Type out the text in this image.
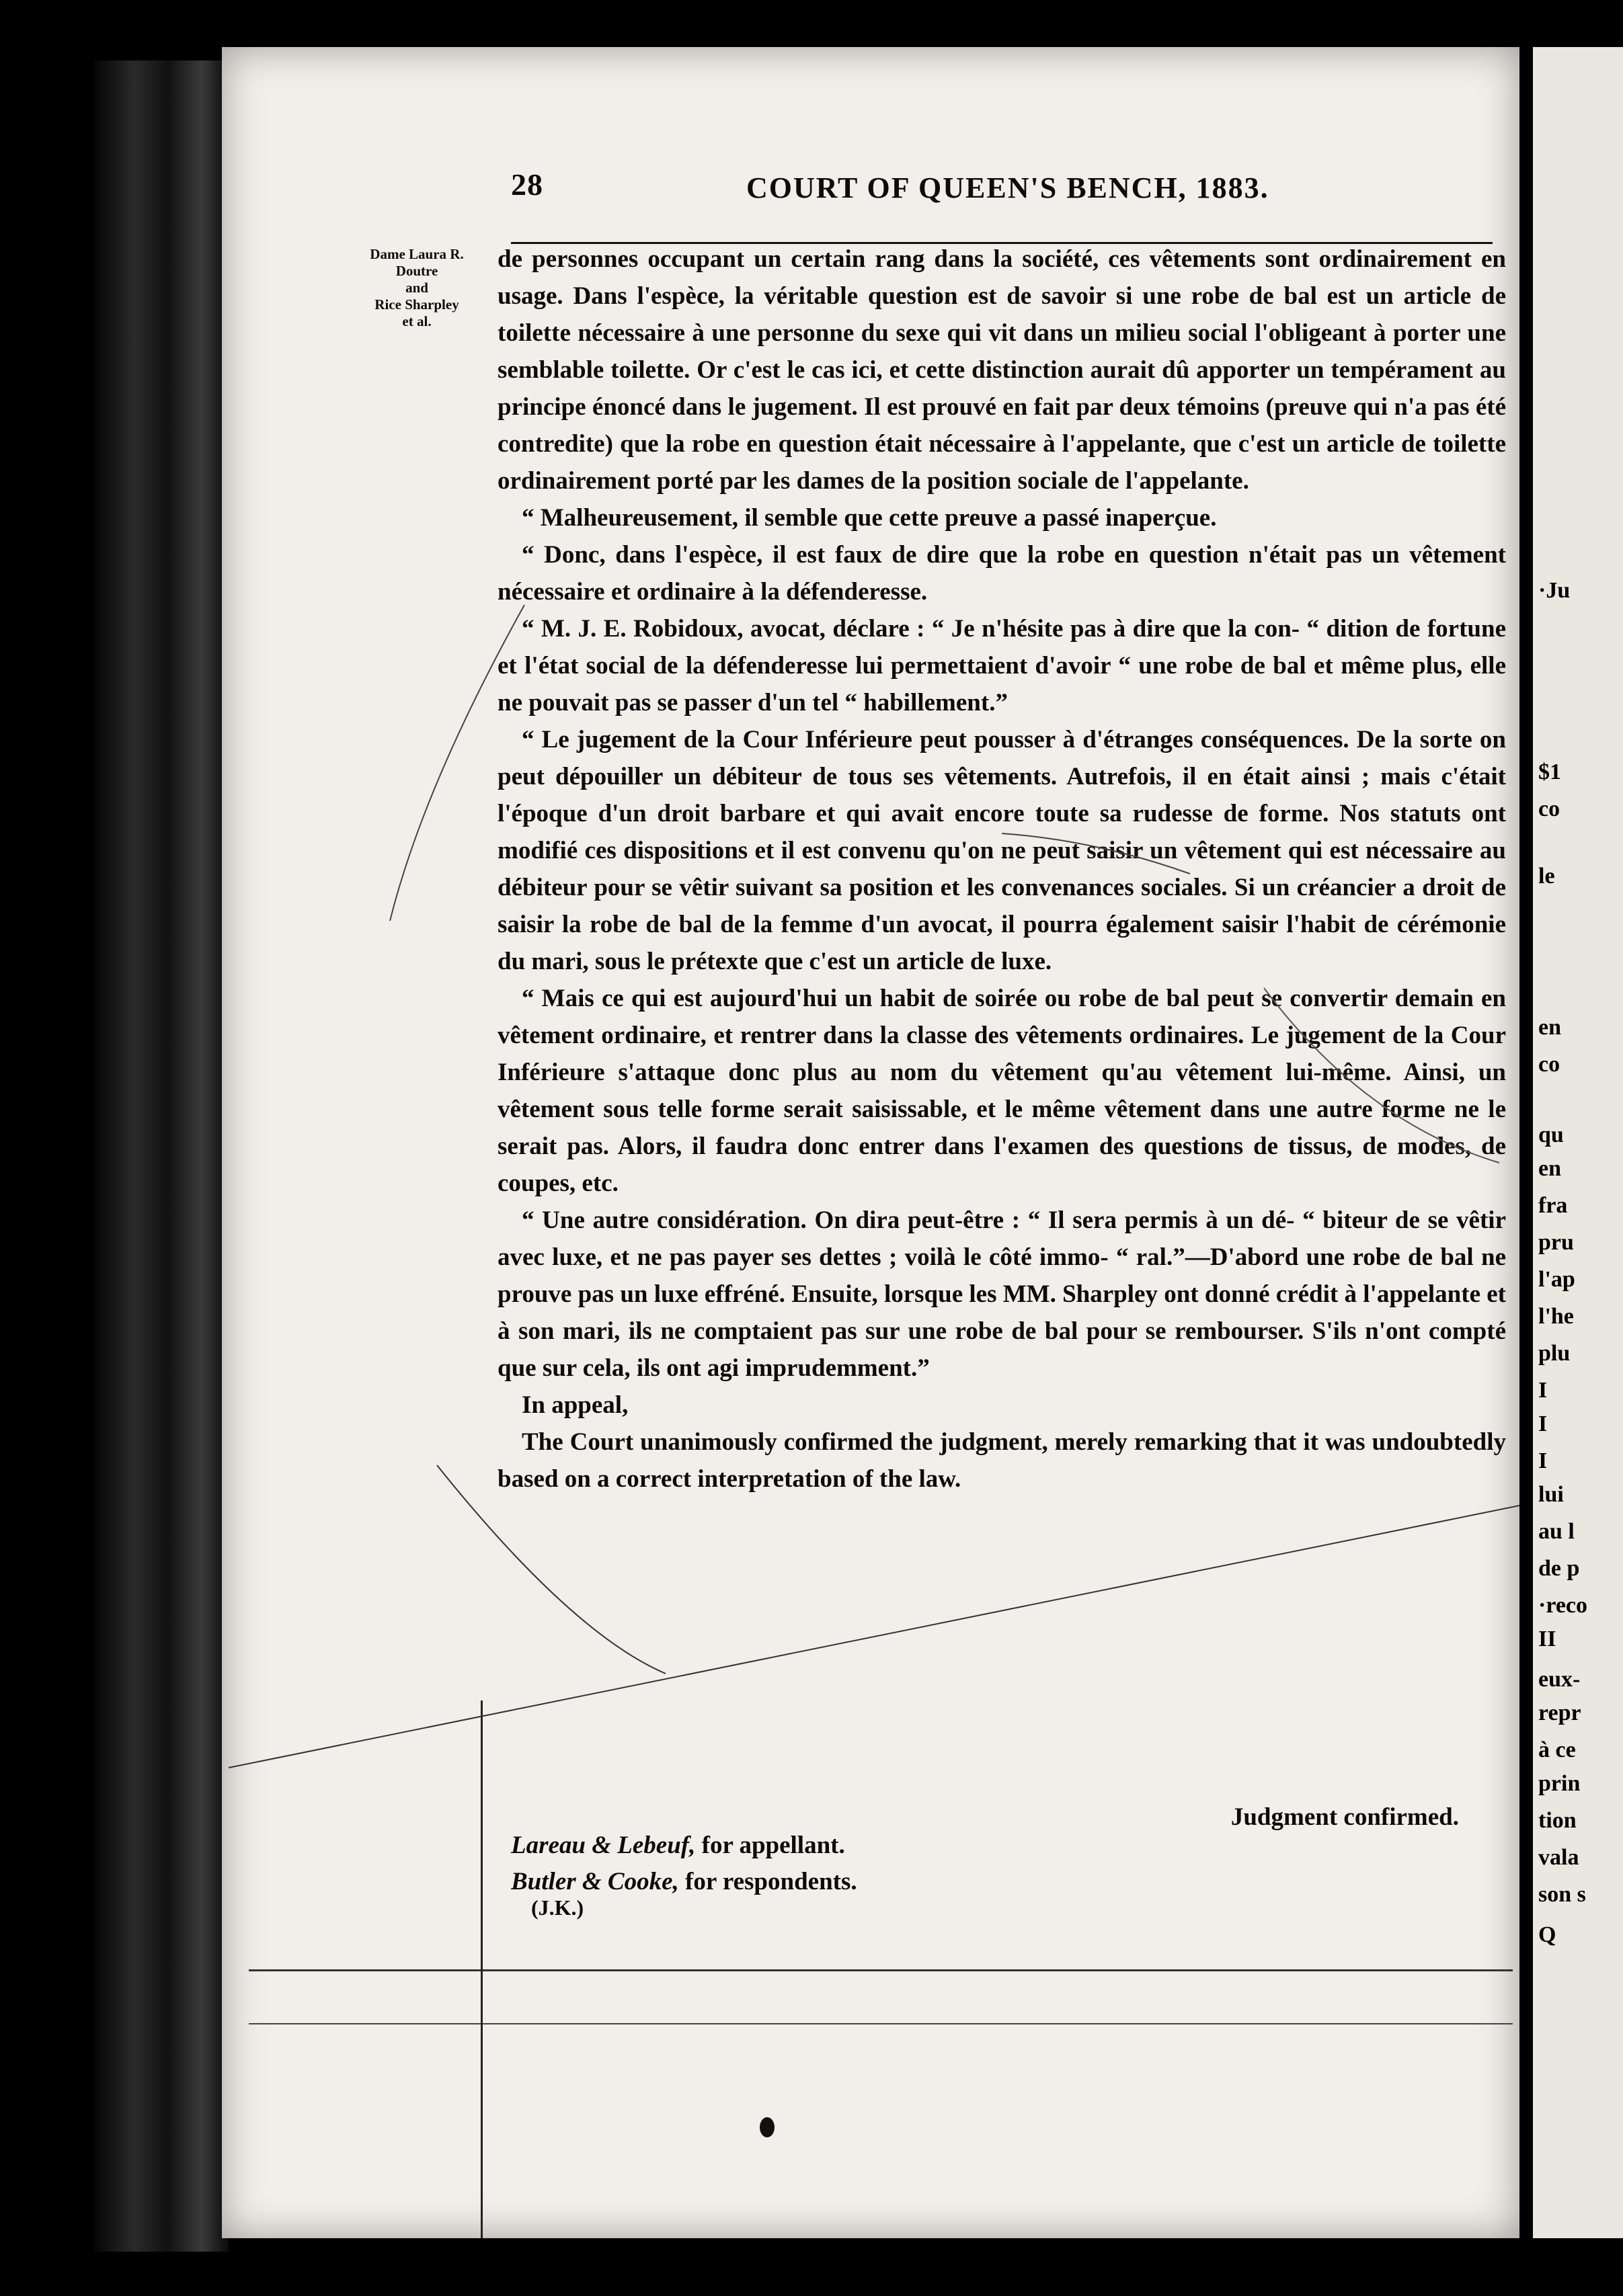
28	COURT OF QUEEN'S BENCH, 1883.
Dame Laura R.
Doutre
and
Rice Sharpley
et al.

de personnes occupant un certain rang dans la société, ces vêtements sont ordinairement en usage. Dans l'espèce, la véritable question est de savoir si une robe de bal est un article de toilette nécessaire à une personne du sexe qui vit dans un milieu social l'obligeant à porter une semblable toilette. Or c'est le cas ici, et cette distinction aurait dû apporter un tempérament au principe énoncé dans le jugement. Il est prouvé en fait par deux témoins (preuve qui n'a pas été contredite) que la robe en question était nécessaire à l'appelante, que c'est un article de toilette ordinairement porté par les dames de la position sociale de l'appelante.

“ Malheureusement, il semble que cette preuve a passé inaperçue.

“ Donc, dans l'espèce, il est faux de dire que la robe en question n'était pas un vêtement nécessaire et ordinaire à la défenderesse.

“ M. J. E. Robidoux, avocat, déclare : “ Je n'hésite pas à dire que la con- “ dition de fortune et l'état social de la défenderesse lui permettaient d'avoir “ une robe de bal et même plus, elle ne pouvait pas se passer d'un tel “ habillement.”

“ Le jugement de la Cour Inférieure peut pousser à d'étranges conséquences. De la sorte on peut dépouiller un débiteur de tous ses vêtements. Autrefois, il en était ainsi ; mais c'était l'époque d'un droit barbare et qui avait encore toute sa rudesse de forme. Nos statuts ont modifié ces dispositions et il est convenu qu'on ne peut saisir un vêtement qui est nécessaire au débiteur pour se vêtir suivant sa position et les convenances sociales. Si un créancier a droit de saisir la robe de bal de la femme d'un avocat, il pourra également saisir l'habit de cérémonie du mari, sous le prétexte que c'est un article de luxe.

“ Mais ce qui est aujourd'hui un habit de soirée ou robe de bal peut se convertir demain en vêtement ordinaire, et rentrer dans la classe des vêtements ordinaires. Le jugement de la Cour Inférieure s'attaque donc plus au nom du vêtement qu'au vêtement lui-même. Ainsi, un vêtement sous telle forme serait saisissable, et le même vêtement dans une autre forme ne le serait pas. Alors, il faudra donc entrer dans l'examen des questions de tissus, de modes, de coupes, etc.

“ Une autre considération. On dira peut-être : “ Il sera permis à un dé- “ biteur de se vêtir avec luxe, et ne pas payer ses dettes ; voilà le côté immo- “ ral.”—D'abord une robe de bal ne prouve pas un luxe effréné. Ensuite, lorsque les MM. Sharpley ont donné crédit à l'appelante et à son mari, ils ne comptaient pas sur une robe de bal pour se rembourser. S'ils n'ont compté que sur cela, ils ont agi imprudemment.”

In appeal,

The Court unanimously confirmed the judgment, merely remarking that it was undoubtedly based on a correct interpretation of the law.

Judgment confirmed.
Lareau & Lebeuf, for appellant.
Butler & Cooke, for respondents.
(J.K.)
·Ju
$1
co
le
en
co
qu
en
fra
pru
l'ap
l'he
plu
I
I
I
lui
au l
de p
·reco
II
eux-
repr
à ce
prin
tion
vala
son s
Q
